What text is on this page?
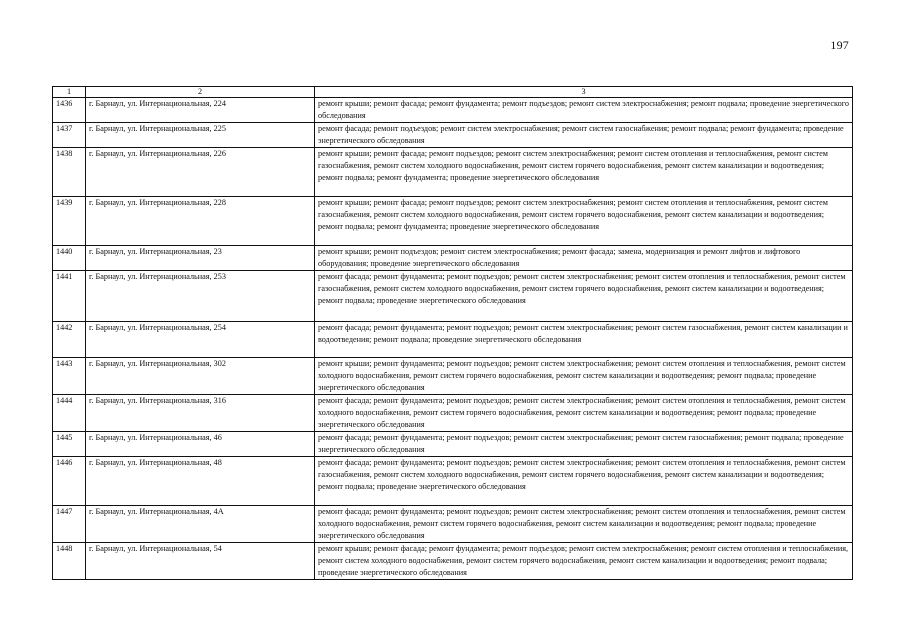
197
1	2	3
1436	г. Барнаул, ул. Интернациональная, 224	ремонт крыши; ремонт фасада; ремонт фундамента; ремонт подъездов; ремонт систем электроснабжения; ремонт подвала; проведение энергетического обследования
1437	г. Барнаул, ул. Интернациональная, 225	ремонт фасада; ремонт подъездов; ремонт систем электроснабжения; ремонт систем газоснабжения; ремонт подвала; ремонт фундамента; проведение энергетического обследования
1438	г. Барнаул, ул. Интернациональная, 226	ремонт крыши; ремонт фасада; ремонт подъездов; ремонт систем электроснабжения; ремонт систем отопления и теплоснабжения, ремонт систем газоснабжения, ремонт систем холодного водоснабжения, ремонт систем горячего водоснабжения, ремонт систем канализации и водоотведения; ремонт подвала; ремонт фундамента; проведение энергетического обследования
1439	г. Барнаул, ул. Интернациональная, 228	ремонт крыши; ремонт фасада; ремонт подъездов; ремонт систем электроснабжения; ремонт систем отопления и теплоснабжения, ремонт систем газоснабжения, ремонт систем холодного водоснабжения, ремонт систем горячего водоснабжения, ремонт систем канализации и водоотведения; ремонт подвала; ремонт фундамента; проведение энергетического обследования
1440	г. Барнаул, ул. Интернациональная, 23	ремонт крыши; ремонт подъездов; ремонт систем электроснабжения; ремонт фасада; замена, модернизация и ремонт лифтов и лифтового оборудования; проведение энергетического обследования
1441	г. Барнаул, ул. Интернациональная, 253	ремонт фасада; ремонт фундамента; ремонт подъездов; ремонт систем электроснабжения; ремонт систем отопления и теплоснабжения, ремонт систем газоснабжения, ремонт систем холодного водоснабжения, ремонт систем горячего водоснабжения, ремонт систем канализации и водоотведения; ремонт подвала; проведение энергетического обследования
1442	г. Барнаул, ул. Интернациональная, 254	ремонт фасада; ремонт фундамента; ремонт подъездов; ремонт систем электроснабжения; ремонт систем газоснабжения, ремонт систем канализации и водоотведения; ремонт подвала; проведение энергетического обследования
1443	г. Барнаул, ул. Интернациональная, 302	ремонт крыши; ремонт фундамента; ремонт подъездов; ремонт систем электроснабжения; ремонт систем отопления и теплоснабжения, ремонт систем холодного водоснабжения, ремонт систем горячего водоснабжения, ремонт систем канализации и водоотведения; ремонт подвала; проведение энергетического обследования
1444	г. Барнаул, ул. Интернациональная, 316	ремонт фасада; ремонт фундамента; ремонт подъездов; ремонт систем электроснабжения; ремонт систем отопления и теплоснабжения, ремонт систем холодного водоснабжения, ремонт систем горячего водоснабжения, ремонт систем канализации и водоотведения; ремонт подвала; проведение энергетического обследования
1445	г. Барнаул, ул. Интернациональная, 46	ремонт фасада; ремонт фундамента; ремонт подъездов; ремонт систем электроснабжения; ремонт систем газоснабжения; ремонт подвала; проведение энергетического обследования
1446	г. Барнаул, ул. Интернациональная, 48	ремонт фасада; ремонт фундамента; ремонт подъездов; ремонт систем электроснабжения; ремонт систем отопления и теплоснабжения, ремонт систем газоснабжения, ремонт систем холодного водоснабжения, ремонт систем горячего водоснабжения, ремонт систем канализации и водоотведения; ремонт подвала; проведение энергетического обследования
1447	г. Барнаул, ул. Интернациональная, 4А	ремонт фасада; ремонт фундамента; ремонт подъездов; ремонт систем электроснабжения; ремонт систем отопления и теплоснабжения, ремонт систем холодного водоснабжения, ремонт систем горячего водоснабжения, ремонт систем канализации и водоотведения; ремонт подвала; проведение энергетического обследования
1448	г. Барнаул, ул. Интернациональная, 54	ремонт крыши; ремонт фасада; ремонт фундамента; ремонт подъездов; ремонт систем электроснабжения; ремонт систем отопления и теплоснабжения, ремонт систем холодного водоснабжения, ремонт систем горячего водоснабжения, ремонт систем канализации и водоотведения; ремонт подвала; проведение энергетического обследования
